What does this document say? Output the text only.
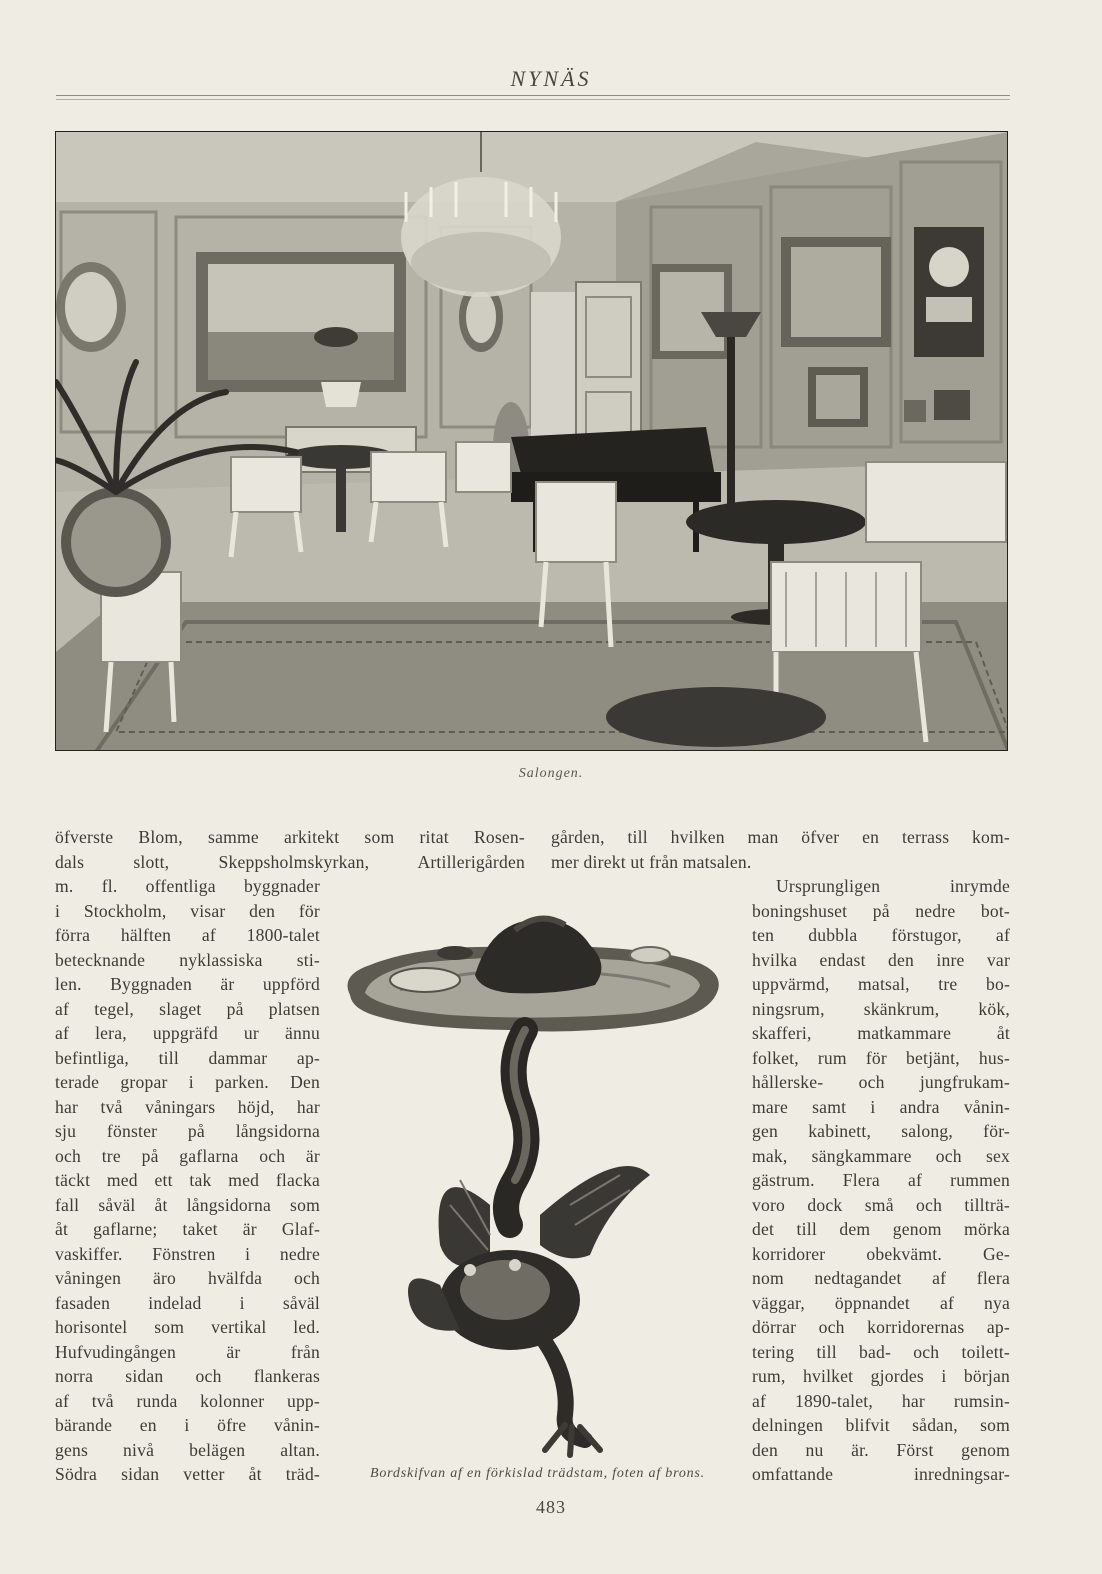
NYNÄS
Salongen.
öfverste Blom, samme arkitekt som ritat Rosen-
dals slott, Skeppsholmskyrkan, Artillerigården
gården, till hvilken man öfver en terrass kom-
mer direkt ut från matsalen.
m. fl. offentliga byggnader
i Stockholm, visar den för
förra hälften af 1800-talet
betecknande nyklassiska sti-
len. Byggnaden är uppförd
af tegel, slaget på platsen
af lera, uppgräfd ur ännu
befintliga, till dammar ap-
terade gropar i parken. Den
har två våningars höjd, har
sju fönster på långsidorna
och tre på gaflarna och är
täckt med ett tak med flacka
fall såväl åt långsidorna som
åt gaflarne; taket är Glaf-
vaskiffer. Fönstren i nedre
våningen äro hvälfda och
fasaden indelad i såväl
horisontel som vertikal led.
Hufvudingången är från
norra sidan och flankeras
af två runda kolonner upp-
bärande en i öfre vånin-
gens nivå belägen altan.
Södra sidan vetter åt träd-
Ursprungligen inrymde
boningshuset på nedre bot-
ten dubbla förstugor, af
hvilka endast den inre var
uppvärmd, matsal, tre bo-
ningsrum, skänkrum, kök,
skafferi, matkammare åt
folket, rum för betjänt, hus-
hållerske- och jungfrukam-
mare samt i andra vånin-
gen kabinett, salong, för-
mak, sängkammare och sex
gästrum. Flera af rummen
voro dock små och tillträ-
det till dem genom mörka
korridorer obekvämt. Ge-
nom nedtagandet af flera
väggar, öppnandet af nya
dörrar och korridorernas ap-
tering till bad- och toilett-
rum, hvilket gjordes i början
af 1890-talet, har rumsin-
delningen blifvit sådan, som
den nu är. Först genom
omfattande inredningsar-
Bordskifvan af en förkislad trädstam, foten af brons.
483
